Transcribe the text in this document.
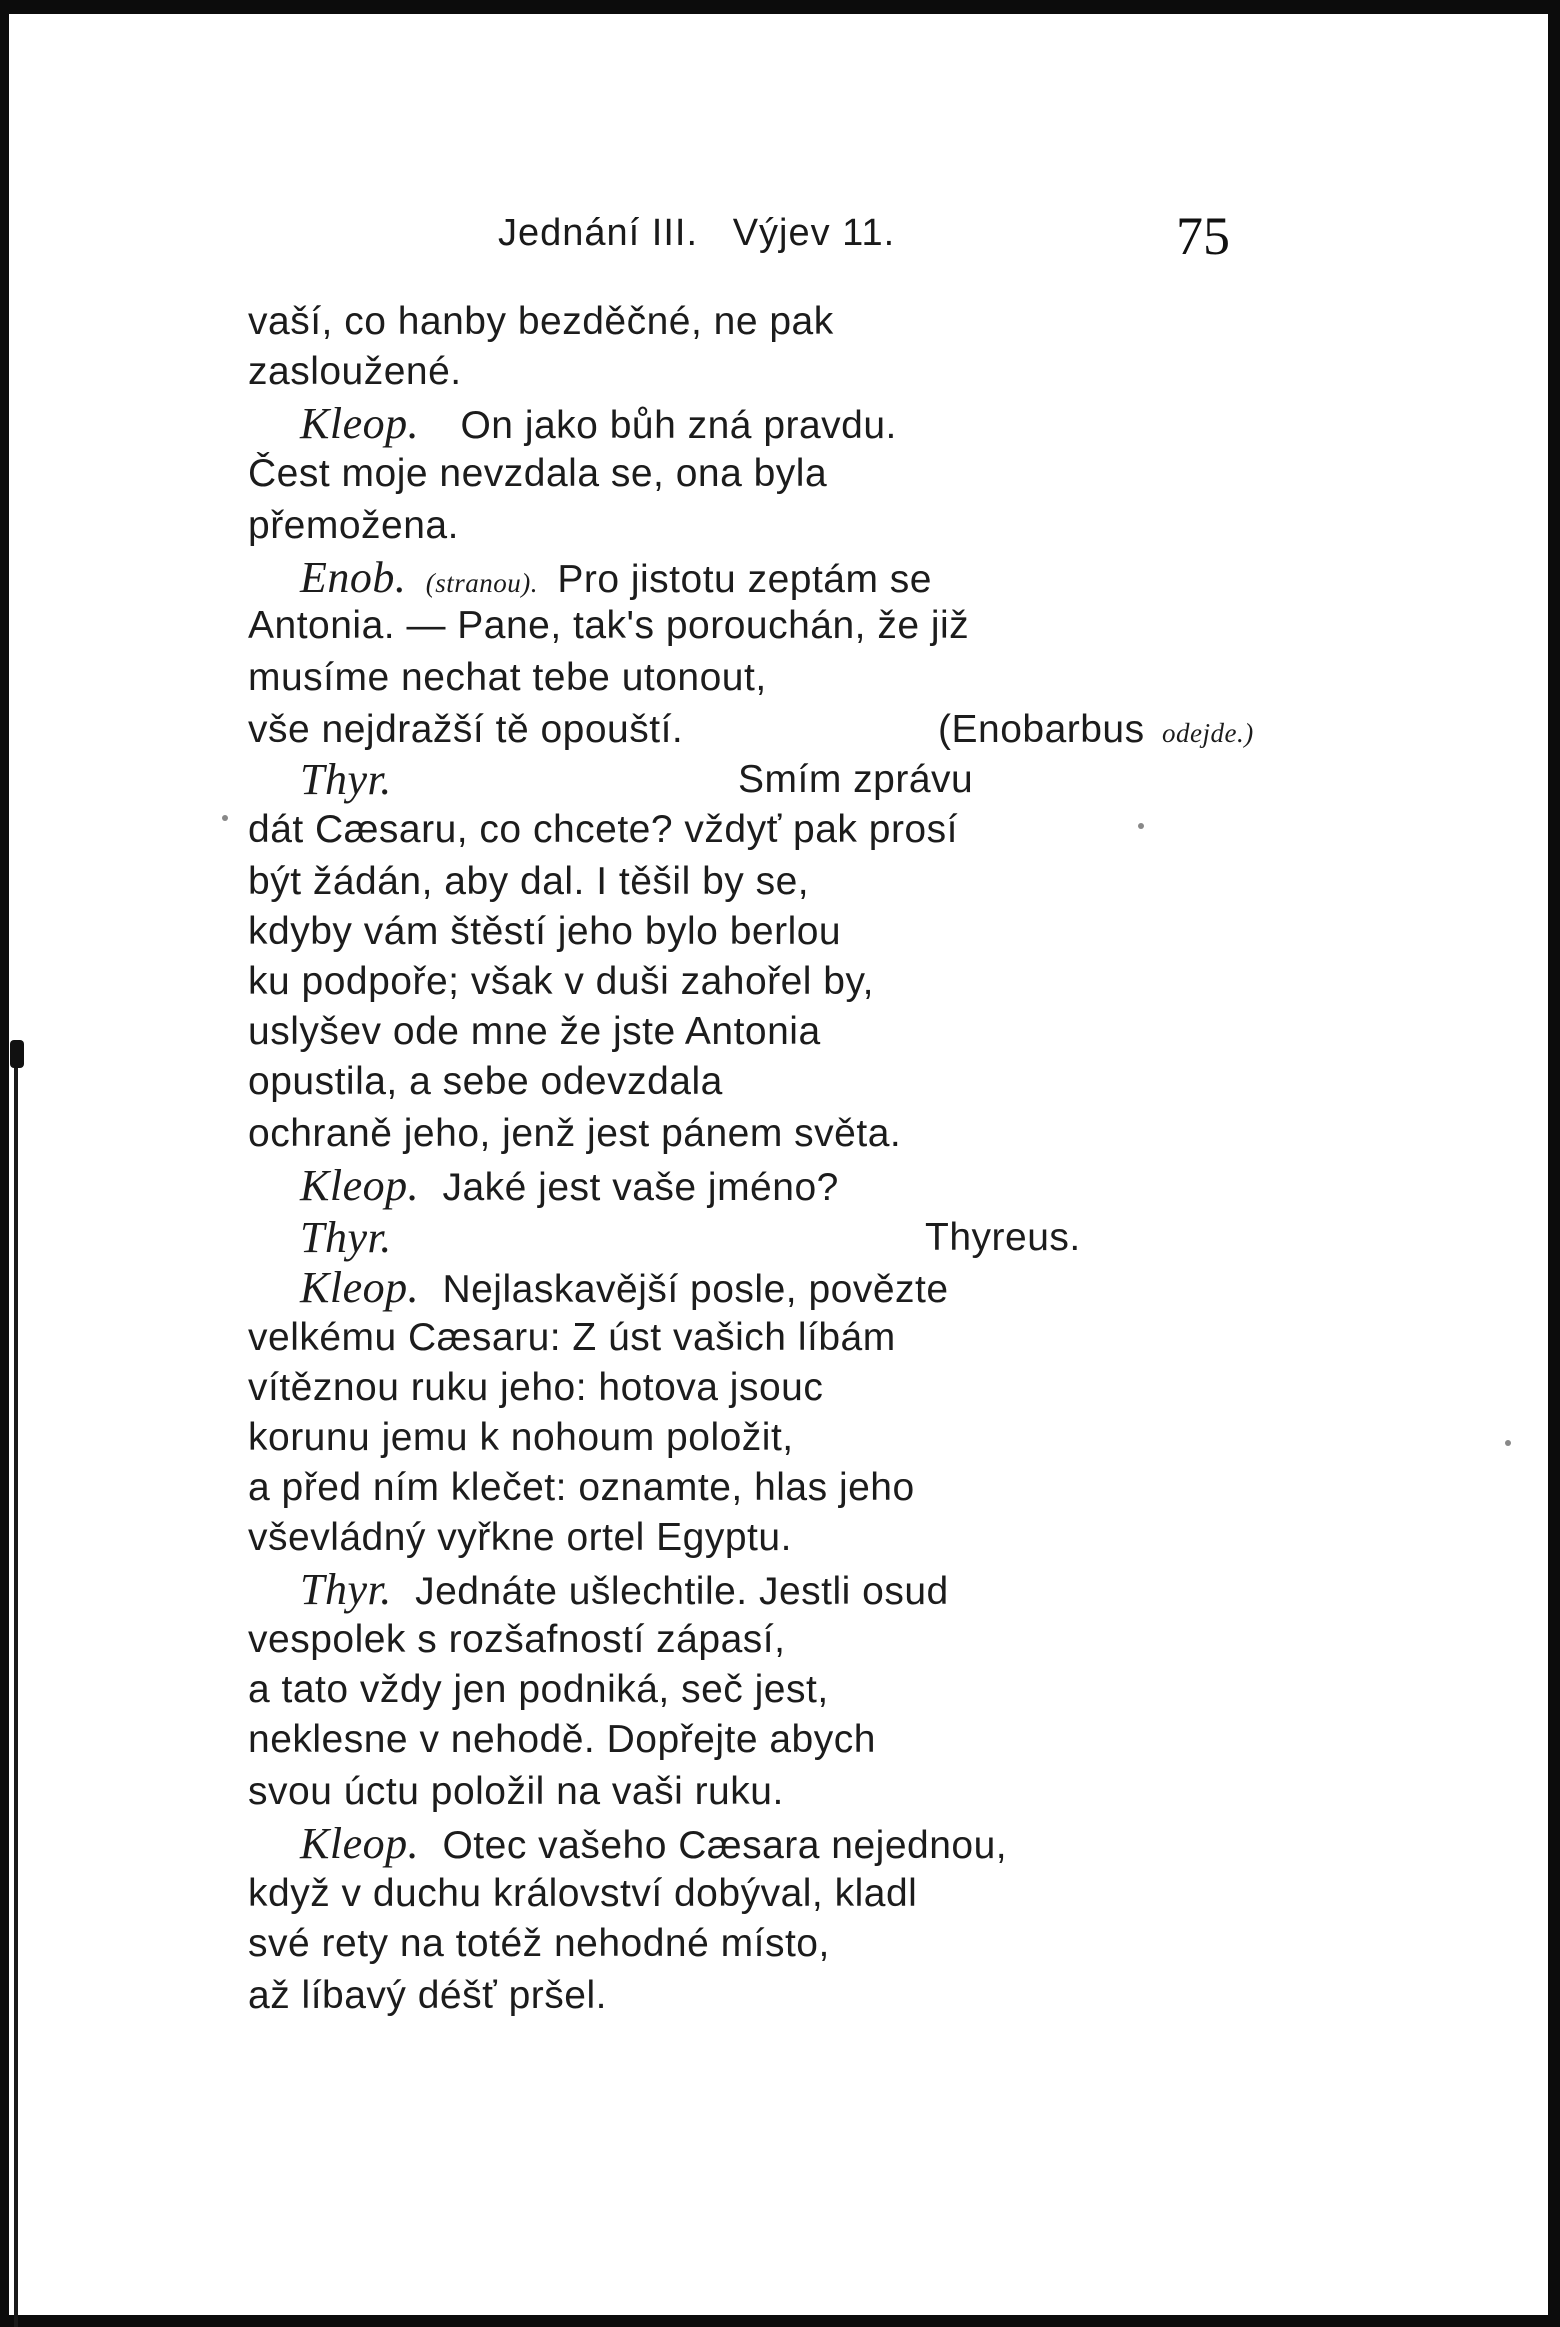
Jednání III.   Výjev 11.	75
vaší, co hanby bezděčné, ne pak
zasloužené.
Kleop. On jako bůh zná pravdu.
Čest moje nevzdala se, ona byla
přemožena.
Enob. (stranou). Pro jistotu zeptám se
Antonia. — Pane, tak's porouchán, že již
musíme nechat tebe utonout,
vše nejdražší tě opouští.	(Enobarbus odejde.)
Thyr.	Smím zprávu
dát Cæsaru, co chcete? vždyť pak prosí
být žádán, aby dal. I těšil by se,
kdyby vám štěstí jeho bylo berlou
ku podpoře; však v duši zahořel by,
uslyšev ode mne že jste Antonia
opustila, a sebe odevzdala
ochraně jeho, jenž jest pánem světa.
Kleop. Jaké jest vaše jméno?
Thyr.	Thyreus.
Kleop. Nejlaskavější posle, povězte
velkému Cæsaru: Z úst vašich líbám
vítěznou ruku jeho: hotova jsouc
korunu jemu k nohoum položit,
a před ním klečet: oznamte, hlas jeho
vševládný vyřkne ortel Egyptu.
Thyr. Jednáte ušlechtile. Jestli osud
vespolek s rozšafností zápasí,
a tato vždy jen podniká, seč jest,
neklesne v nehodě. Dopřejte abych
svou úctu položil na vaši ruku.
Kleop. Otec vašeho Cæsara nejednou,
když v duchu království dobýval, kladl
své rety na totéž nehodné místo,
až líbavý déšť pršel.
